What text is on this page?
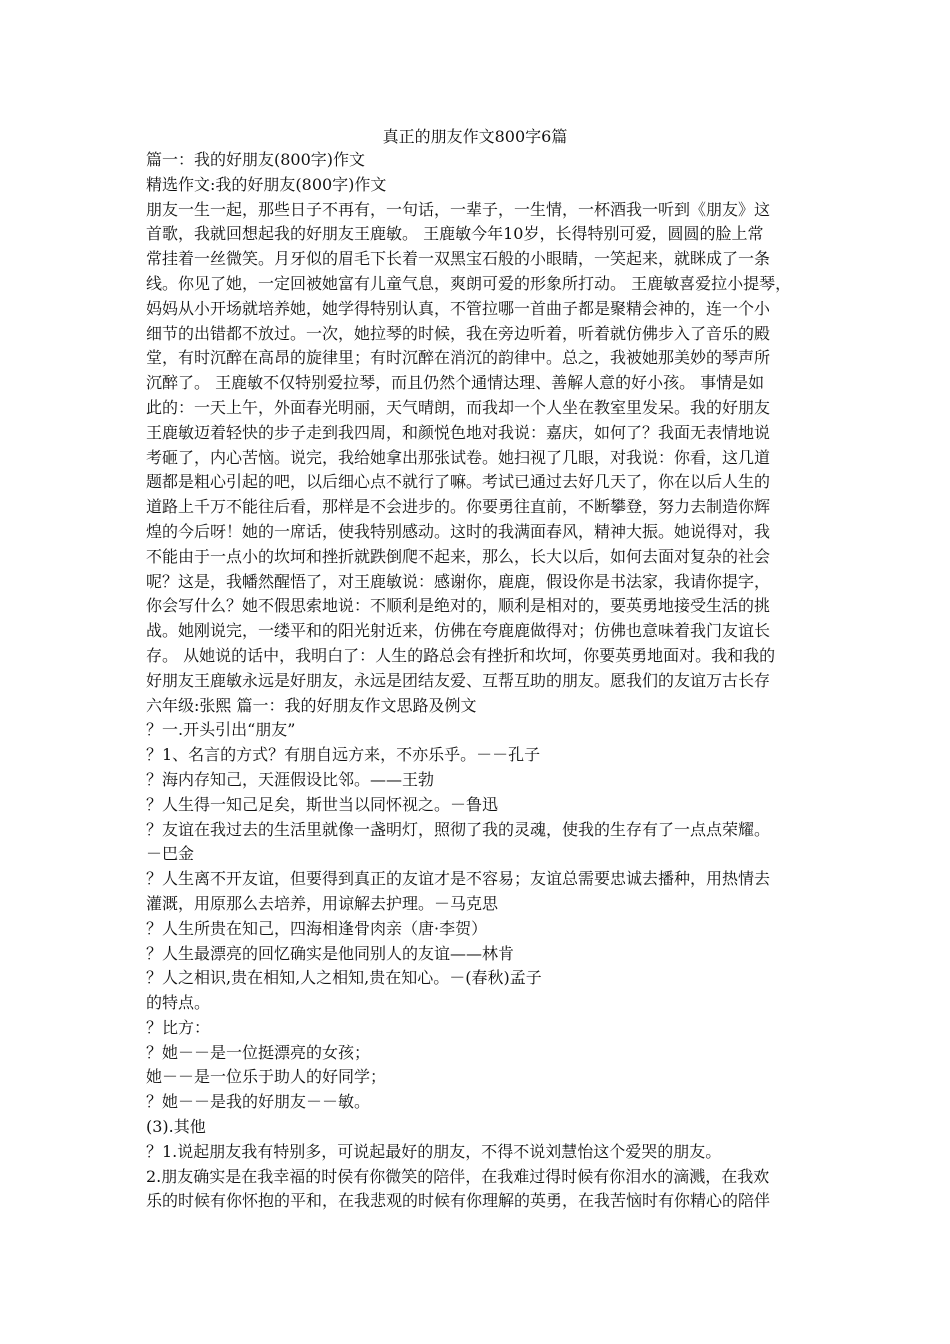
真正的朋友作文800字6篇
篇一：我的好朋友(800字)作文
精选作文:我的好朋友(800字)作文
朋友一生一起，那些日子不再有，一句话，一辈子，一生情，一杯酒我一听到《朋友》这
首歌，我就回想起我的好朋友王鹿敏。 王鹿敏今年10岁，长得特别可爱，圆圆的脸上常
常挂着一丝微笑。月牙似的眉毛下长着一双黑宝石般的小眼睛，一笑起来，就眯成了一条
线。你见了她，一定回被她富有儿童气息，爽朗可爱的形象所打动。 王鹿敏喜爱拉小提琴，
妈妈从小开场就培养她，她学得特别认真，不管拉哪一首曲子都是聚精会神的，连一个小
细节的出错都不放过。一次，她拉琴的时候，我在旁边听着，听着就仿佛步入了音乐的殿
堂，有时沉醉在高昂的旋律里；有时沉醉在消沉的韵律中。总之，我被她那美妙的琴声所
沉醉了。 王鹿敏不仅特别爱拉琴，而且仍然个通情达理、善解人意的好小孩。 事情是如
此的：一天上午，外面春光明丽，天气晴朗，而我却一个人坐在教室里发呆。我的好朋友
王鹿敏迈着轻快的步子走到我四周，和颜悦色地对我说：嘉庆，如何了？我面无表情地说
考砸了，内心苦恼。说完，我给她拿出那张试卷。她扫视了几眼，对我说：你看，这几道
题都是粗心引起的吧，以后细心点不就行了嘛。考试已通过去好几天了，你在以后人生的
道路上千万不能往后看，那样是不会进步的。你要勇往直前，不断攀登，努力去制造你辉
煌的今后呀！她的一席话，使我特别感动。这时的我满面春风，精神大振。她说得对，我
不能由于一点小的坎坷和挫折就跌倒爬不起来，那么，长大以后，如何去面对复杂的社会
呢？这是，我幡然醒悟了，对王鹿敏说：感谢你，鹿鹿，假设你是书法家，我请你提字，
你会写什么？她不假思索地说：不顺利是绝对的，顺利是相对的，要英勇地接受生活的挑
战。她刚说完，一缕平和的阳光射近来，仿佛在夸鹿鹿做得对；仿佛也意味着我门友谊长
存。 从她说的话中，我明白了：人生的路总会有挫折和坎坷，你要英勇地面对。我和我的
好朋友王鹿敏永远是好朋友，永远是团结友爱、互帮互助的朋友。愿我们的友谊万古长存
六年级:张熙 篇一：我的好朋友作文思路及例文
？一.开头引出“朋友”
？1、名言的方式？有朋自远方来，不亦乐乎。－－孔子
？海内存知己，天涯假设比邻。——王勃
？人生得一知己足矣，斯世当以同怀视之。－鲁迅
？友谊在我过去的生活里就像一盏明灯，照彻了我的灵魂，使我的生存有了一点点荣耀。
－巴金
？人生离不开友谊，但要得到真正的友谊才是不容易；友谊总需要忠诚去播种，用热情去
灌溉，用原那么去培养，用谅解去护理。－马克思
？人生所贵在知己，四海相逢骨肉亲（唐·李贺）
？人生最漂亮的回忆确实是他同别人的友谊——林肯
？人之相识,贵在相知,人之相知,贵在知心。－(春秋)孟子
的特点。
？比方：
？她－－是一位挺漂亮的女孩；
她－－是一位乐于助人的好同学；
？她－－是我的好朋友－－敏。
(3).其他
？1.说起朋友我有特别多，可说起最好的朋友，不得不说刘慧怡这个爱哭的朋友。
2.朋友确实是在我幸福的时侯有你微笑的陪伴，在我难过得时候有你泪水的滴溅，在我欢
乐的时候有你怀抱的平和，在我悲观的时候有你理解的英勇，在我苦恼时有你精心的陪伴
